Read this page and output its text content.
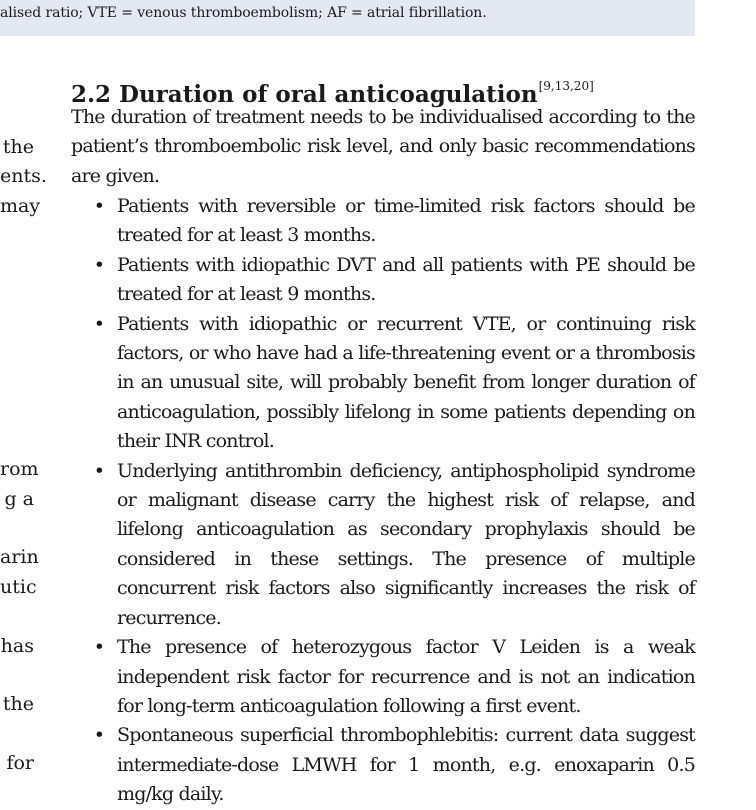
alised ratio; VTE = venous thromboembolism; AF = atrial fibrillation.
the
ents.
may
rom
g a
arin
utic
has
the
for
2.2 Duration of oral anticoagulation[9,13,20]
The duration of treatment needs to be individualised according to the patient’s thromboembolic risk level, and only basic recommendations are given.
• Patients with reversible or time-limited risk factors should be treated for at least 3 months.
• Patients with idiopathic DVT and all patients with PE should be treated for at least 9 months.
• Patients with idiopathic or recurrent VTE, or continuing risk factors, or who have had a life-threatening event or a thrombosis in an unusual site, will probably benefit from longer duration of anticoagulation, possibly lifelong in some patients depending on their INR control.
• Underlying antithrombin deficiency, antiphospholipid syndrome or malignant disease carry the highest risk of relapse, and lifelong anticoagulation as secondary prophylaxis should be considered in these settings. The presence of multiple concurrent risk factors also significantly increases the risk of recurrence.
• The presence of heterozygous factor V Leiden is a weak independent risk factor for recurrence and is not an indication for long-term anticoagulation following a first event.
• Spontaneous superficial thrombophlebitis: current data suggest intermediate-dose LMWH for 1 month, e.g. enoxaparin 0.5 mg/kg daily.
